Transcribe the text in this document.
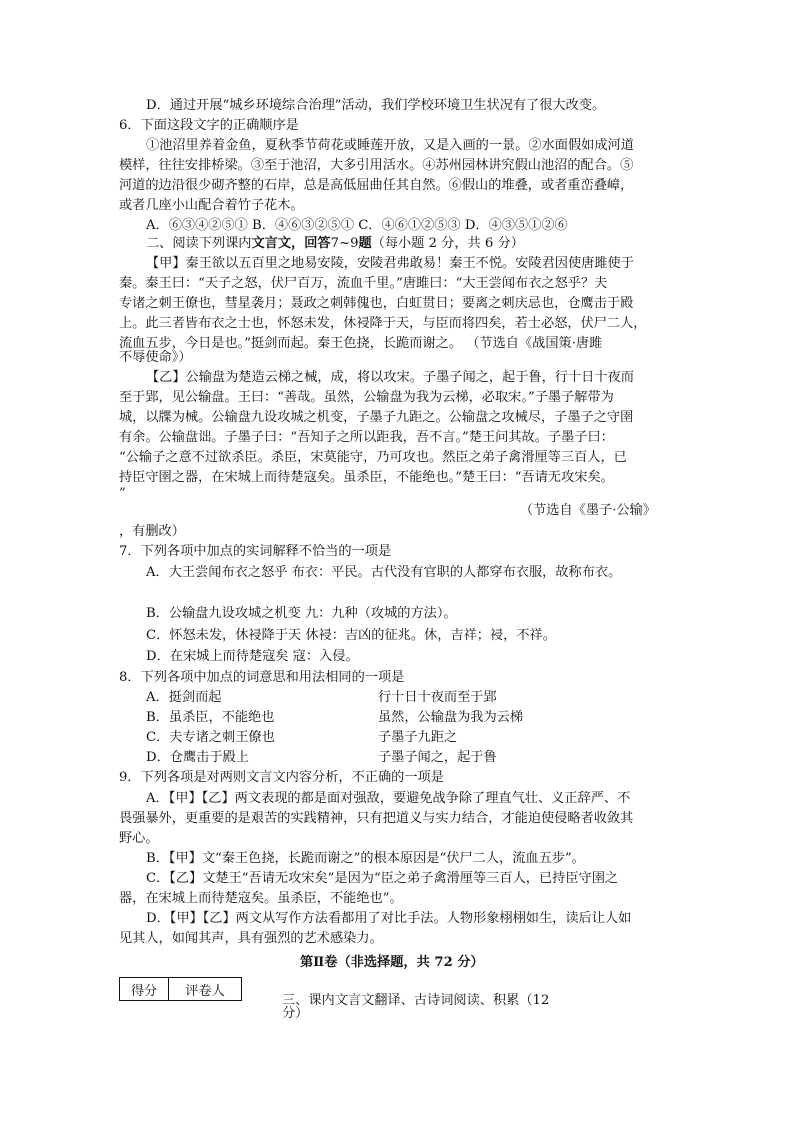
D．通过开展“城乡环境综合治理”活动，我们学校环境卫生状况有了很大改变。
6．下面这段文字的正确顺序是
①池沼里养着金鱼，夏秋季节荷花或睡莲开放，又是入画的一景。②水面假如成河道
模样，往往安排桥梁。③至于池沼，大多引用活水。④苏州园林讲究假山池沼的配合。⑤
河道的边沿很少砌齐整的石岸，总是高低屈曲任其自然。⑥假山的堆叠，或者重峦叠嶂，
或者几座小山配合着竹子花木。
A．⑥③④②⑤① B．④⑥③②⑤① C．④⑥①②⑤③ D．④③⑤①②⑥
二、阅读下列课内文言文，回答7~9题（每小题 2 分，共 6 分）
【甲】秦王欲以五百里之地易安陵，安陵君弗敢易！秦王不悦。安陵君因使唐雎使于
秦。秦王曰：“天子之怒，伏尸百万，流血千里。”唐雎曰：“大王尝闻布衣之怒乎？夫
专诸之刺王僚也，彗星袭月；聂政之刺韩傀也，白虹贯日；要离之刺庆忌也，仓鹰击于殿
上。此三者皆布衣之士也，怀怒未发，休祲降于天，与臣而将四矣，若士必怒，伏尸二人，
流血五步，今日是也。”挺剑而起。秦王色挠，长跪而谢之。 （节选自《战国策·唐雎
不辱使命》）
【乙】公输盘为楚造云梯之械，成，将以攻宋。子墨子闻之，起于鲁，行十日十夜而
至于郢，见公输盘。王曰：“善哉。虽然，公输盘为我为云梯，必取宋。”子墨子解带为
城，以牒为械。公输盘九设攻城之机变，子墨子九距之。公输盘之攻械尽，子墨子之守圉
有余。公输盘诎。子墨子曰：“吾知子之所以距我，吾不言。”楚王问其故。子墨子曰：
“公输子之意不过欲杀臣。杀臣，宋莫能守，乃可攻也。然臣之弟子禽滑厘等三百人，已
持臣守圉之器，在宋城上而待楚寇矣。虽杀臣，不能绝也。”楚王曰：“吾请无攻宋矣。
”
（节选自《墨子·公输》
，有删改）
7．下列各项中加点的实词解释不恰当的一项是
A．大王尝闻布衣之怒乎 布衣：平民。古代没有官职的人都穿布衣服，故称布衣。
B．公输盘九设攻城之机变 九：九种（攻城的方法）。
C．怀怒未发，休祲降于天 休祲：吉凶的征兆。休，吉祥；祲，不祥。
D．在宋城上而待楚寇矣 寇：入侵。
8．下列各项中加点的词意思和用法相同的一项是
A．挺剑而起	行十日十夜而至于郢
B．虽杀臣，不能绝也	虽然，公输盘为我为云梯
C．夫专诸之刺王僚也	子墨子九距之
D．仓鹰击于殿上	子墨子闻之，起于鲁
9．下列各项是对两则文言文内容分析，不正确的一项是
A．【甲】【乙】两文表现的都是面对强敌，要避免战争除了理直气壮、义正辞严、不
畏强暴外，更重要的是艰苦的实践精神，只有把道义与实力结合，才能迫使侵略者收敛其
野心。
B．【甲】文“秦王色挠，长跪而谢之”的根本原因是“伏尸二人，流血五步”。
C．【乙】文楚王“吾请无攻宋矣”是因为“臣之弟子禽滑厘等三百人，已持臣守圉之
器，在宋城上而待楚寇矣。虽杀臣，不能绝也”。
D．【甲】【乙】两文从写作方法看都用了对比手法。人物形象栩栩如生，读后让人如
见其人，如闻其声，具有强烈的艺术感染力。
第Ⅱ卷（非选择题，共 72 分）
得分	评卷人
三、课内文言文翻译、古诗词阅读、积累（12
分）
